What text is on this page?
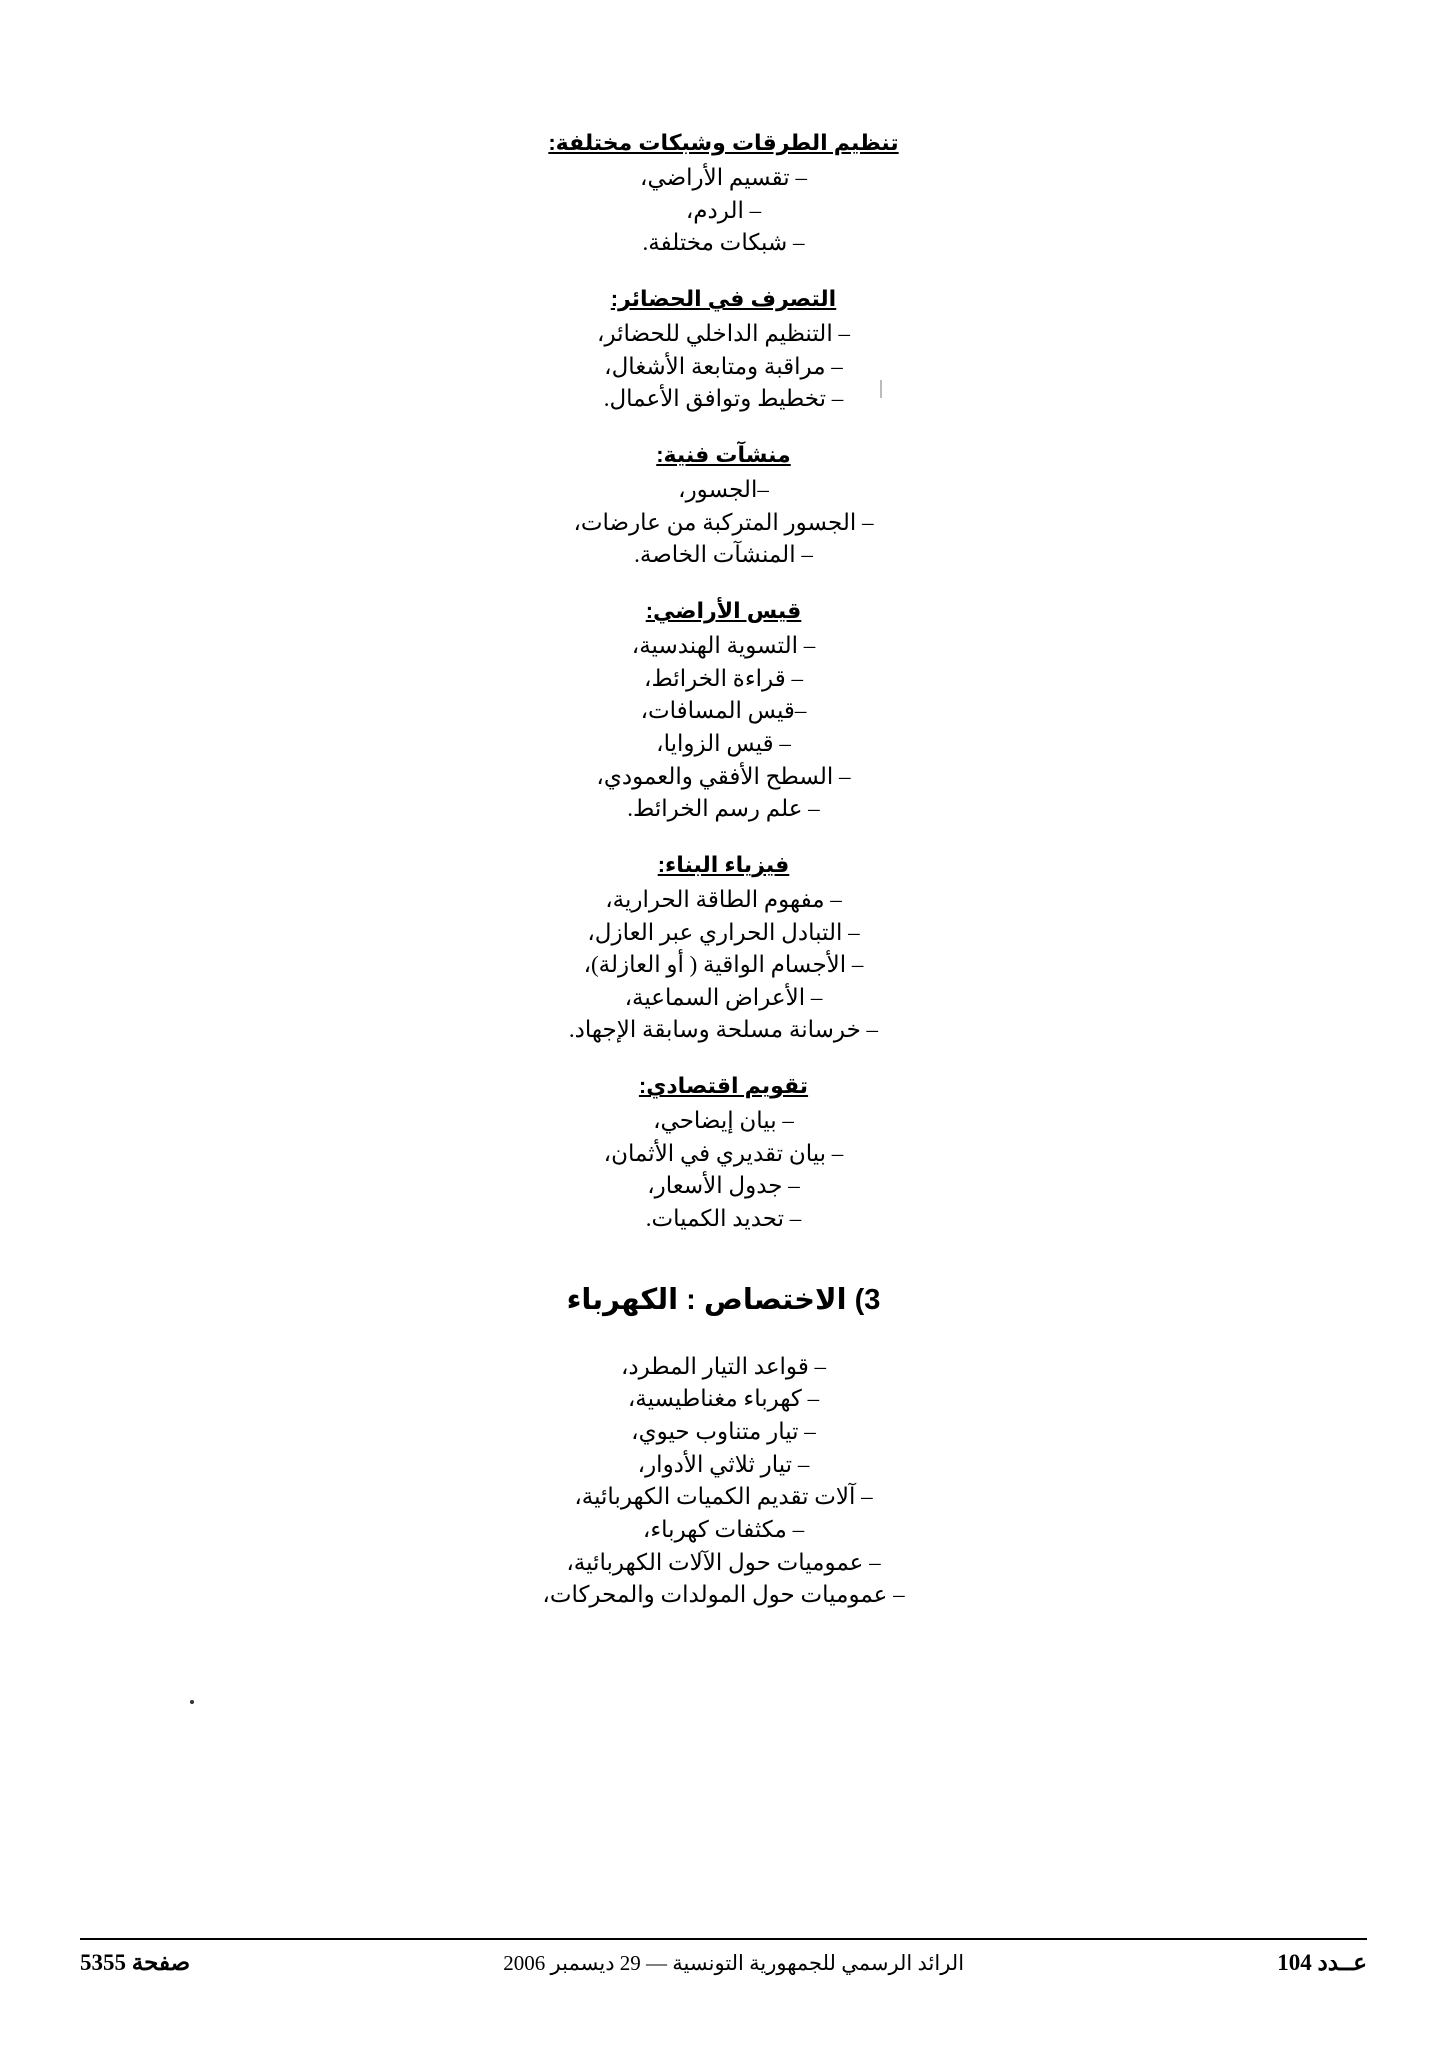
تنظيم الطرقات وشبكات مختلفة:

– تقسيم الأراضي،

– الردم،

– شبكات مختلفة.

التصرف في الحضائر:

– التنظيم الداخلي للحضائر،

– مراقبة ومتابعة الأشغال،

– تخطيط وتوافق الأعمال.

منشآت فنية:

–الجسور،

– الجسور المتركبة من عارضات،

– المنشآت الخاصة.

قيس الأراضي:

– التسوية الهندسية،

– قراءة الخرائط،

–قيس المسافات،

– قيس الزوايا،

– السطح الأفقي والعمودي،

– علم رسم الخرائط.

فيزياء البناء:

– مفهوم الطاقة الحرارية،

– التبادل الحراري عبر العازل،

– الأجسام الواقية ( أو العازلة)،

– الأعراض السماعية،

– خرسانة مسلحة وسابقة الإجهاد.

تقويم اقتصادي:

– بيان إيضاحي،

– بيان تقديري في الأثمان،

– جدول الأسعار،

– تحديد الكميات.

3) الاختصاص : الكهرباء

– قواعد التيار المطرد،

– كهرباء مغناطيسية،

– تيار متناوب حيوي،

– تيار ثلاثي الأدوار،

– آلات تقديم الكميات الكهربائية،

– مكثفات كهرباء،

– عموميات حول الآلات الكهربائية،

– عموميات حول المولدات والمحركات،

عــدد 104
الرائد الرسمي للجمهورية التونسية — 29 ديسمبر 2006
صفحة 5355
